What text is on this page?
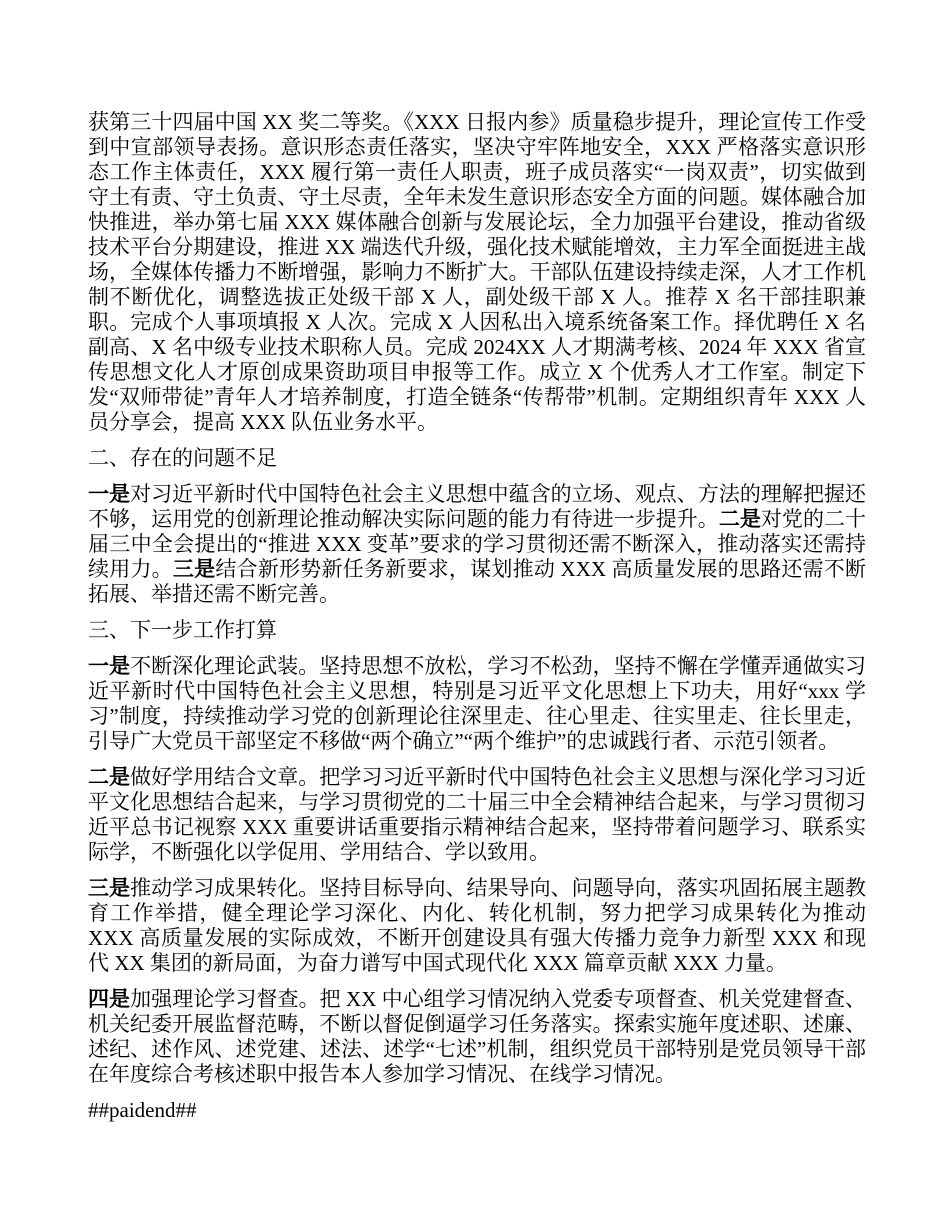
获第三十四届中国 XX 奖二等奖。《XXX 日报内参》质量稳步提升，理论宣传工作受到中宣部领导表扬。意识形态责任落实，坚决守牢阵地安全，XXX 严格落实意识形态工作主体责任，XXX 履行第一责任人职责，班子成员落实“一岗双责”，切实做到守土有责、守土负责、守土尽责，全年未发生意识形态安全方面的问题。媒体融合加快推进，举办第七届 XXX 媒体融合创新与发展论坛，全力加强平台建设，推动省级技术平台分期建设，推进 XX 端迭代升级，强化技术赋能增效，主力军全面挺进主战场，全媒体传播力不断增强，影响力不断扩大。干部队伍建设持续走深，人才工作机制不断优化，调整选拔正处级干部 X 人，副处级干部 X 人。推荐 X 名干部挂职兼职。完成个人事项填报 X 人次。完成 X 人因私出入境系统备案工作。择优聘任 X 名副高、X 名中级专业技术职称人员。完成 2024XX 人才期满考核、2024 年 XXX 省宣传思想文化人才原创成果资助项目申报等工作。成立 X 个优秀人才工作室。制定下发“双师带徒”青年人才培养制度，打造全链条“传帮带”机制。定期组织青年 XXX 人员分享会，提高 XXX 队伍业务水平。

二、存在的问题不足

一是对习近平新时代中国特色社会主义思想中蕴含的立场、观点、方法的理解把握还不够，运用党的创新理论推动解决实际问题的能力有待进一步提升。二是对党的二十届三中全会提出的“推进 XXX 变革”要求的学习贯彻还需不断深入，推动落实还需持续用力。三是结合新形势新任务新要求，谋划推动 XXX 高质量发展的思路还需不断拓展、举措还需不断完善。

三、下一步工作打算

一是不断深化理论武装。坚持思想不放松，学习不松劲，坚持不懈在学懂弄通做实习近平新时代中国特色社会主义思想，特别是习近平文化思想上下功夫，用好“xxx 学习”制度，持续推动学习党的创新理论往深里走、往心里走、往实里走、往长里走，引导广大党员干部坚定不移做“两个确立”“两个维护”的忠诚践行者、示范引领者。

二是做好学用结合文章。把学习习近平新时代中国特色社会主义思想与深化学习习近平文化思想结合起来，与学习贯彻党的二十届三中全会精神结合起来，与学习贯彻习近平总书记视察 XXX 重要讲话重要指示精神结合起来，坚持带着问题学习、联系实际学，不断强化以学促用、学用结合、学以致用。

三是推动学习成果转化。坚持目标导向、结果导向、问题导向，落实巩固拓展主题教育工作举措，健全理论学习深化、内化、转化机制，努力把学习成果转化为推动 XXX 高质量发展的实际成效，不断开创建设具有强大传播力竞争力新型 XXX 和现代 XX 集团的新局面，为奋力谱写中国式现代化 XXX 篇章贡献 XXX 力量。

四是加强理论学习督查。把 XX 中心组学习情况纳入党委专项督查、机关党建督查、机关纪委开展监督范畴，不断以督促倒逼学习任务落实。探索实施年度述职、述廉、述纪、述作风、述党建、述法、述学“七述”机制，组织党员干部特别是党员领导干部在年度综合考核述职中报告本人参加学习情况、在线学习情况。

##paidend##
